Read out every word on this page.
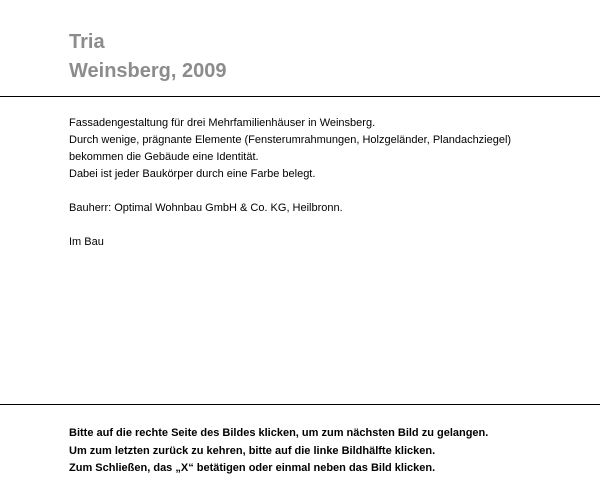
Tria
Weinsberg, 2009
Fassadengestaltung für drei Mehrfamilienhäuser in Weinsberg.
Durch wenige, prägnante Elemente (Fensterumrahmungen, Holzgeländer, Plandachziegel)
bekommen die Gebäude eine Identität.
Dabei ist jeder Baukörper durch eine Farbe belegt.
Bauherr: Optimal Wohnbau GmbH & Co. KG, Heilbronn.
Im Bau
Bitte auf die rechte Seite des Bildes klicken, um zum nächsten Bild zu gelangen.
Um zum letzten zurück zu kehren, bitte auf die linke Bildhälfte klicken.
Zum Schließen, das „X“ betätigen oder einmal neben das Bild klicken.
